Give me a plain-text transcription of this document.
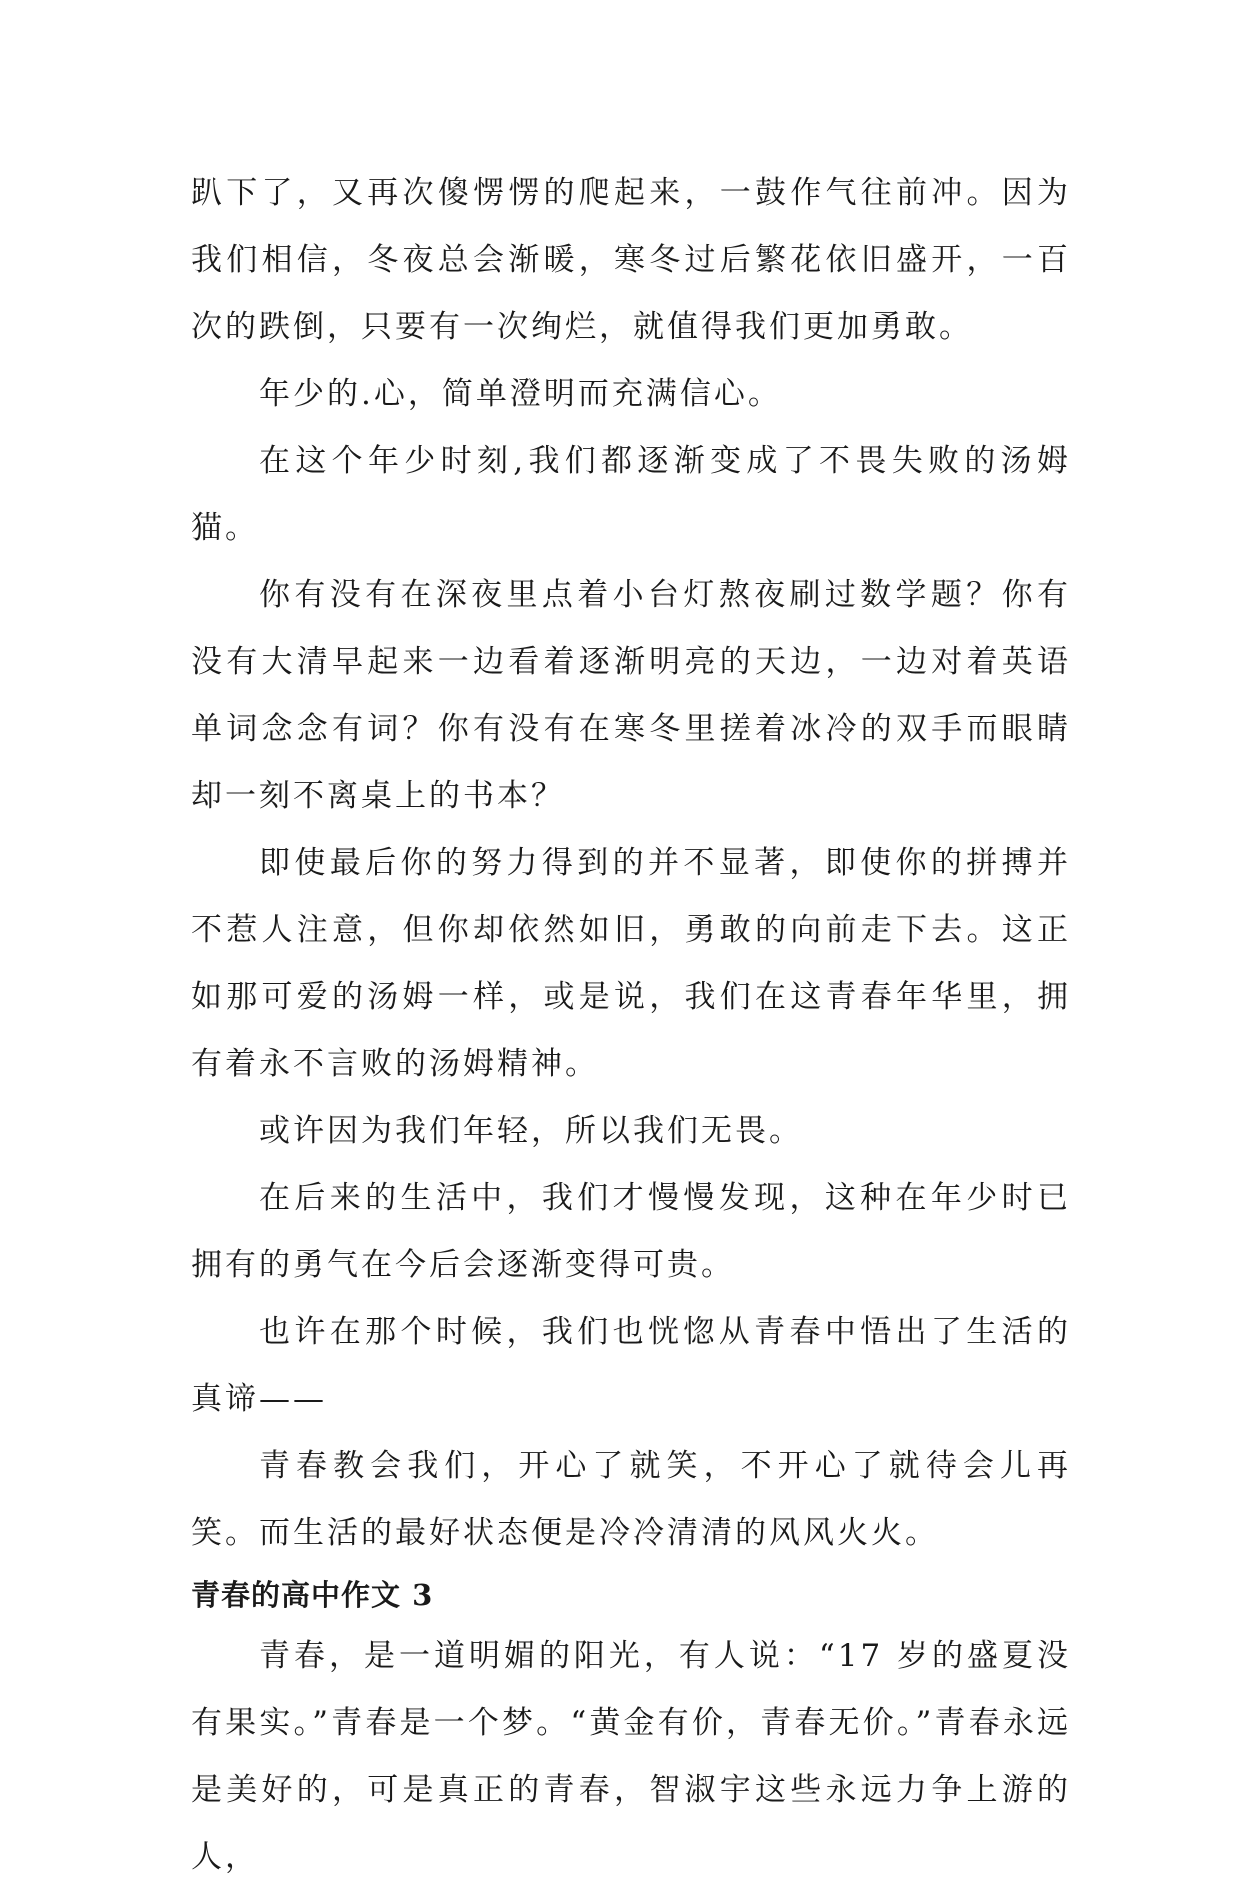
趴下了，又再次傻愣愣的爬起来，一鼓作气往前冲。因为我们相信，冬夜总会渐暖，寒冬过后繁花依旧盛开，一百次的跌倒，只要有一次绚烂，就值得我们更加勇敢。

年少的.心，简单澄明而充满信心。

在这个年少时刻,我们都逐渐变成了不畏失败的汤姆猫。

你有没有在深夜里点着小台灯熬夜刷过数学题？你有没有大清早起来一边看着逐渐明亮的天边，一边对着英语单词念念有词？你有没有在寒冬里搓着冰冷的双手而眼睛却一刻不离桌上的书本？

即使最后你的努力得到的并不显著，即使你的拼搏并不惹人注意，但你却依然如旧，勇敢的向前走下去。这正如那可爱的汤姆一样，或是说，我们在这青春年华里，拥有着永不言败的汤姆精神。

或许因为我们年轻，所以我们无畏。

在后来的生活中，我们才慢慢发现，这种在年少时已拥有的勇气在今后会逐渐变得可贵。

也许在那个时候，我们也恍惚从青春中悟出了生活的真谛——

青春教会我们，开心了就笑，不开心了就待会儿再笑。而生活的最好状态便是冷冷清清的风风火火。

青春的高中作文 3

青春，是一道明媚的阳光，有人说：“17 岁的盛夏没有果实。”青春是一个梦。“黄金有价，青春无价。”青春永远是美好的，可是真正的青春，智淑宇这些永远力争上游的人，
